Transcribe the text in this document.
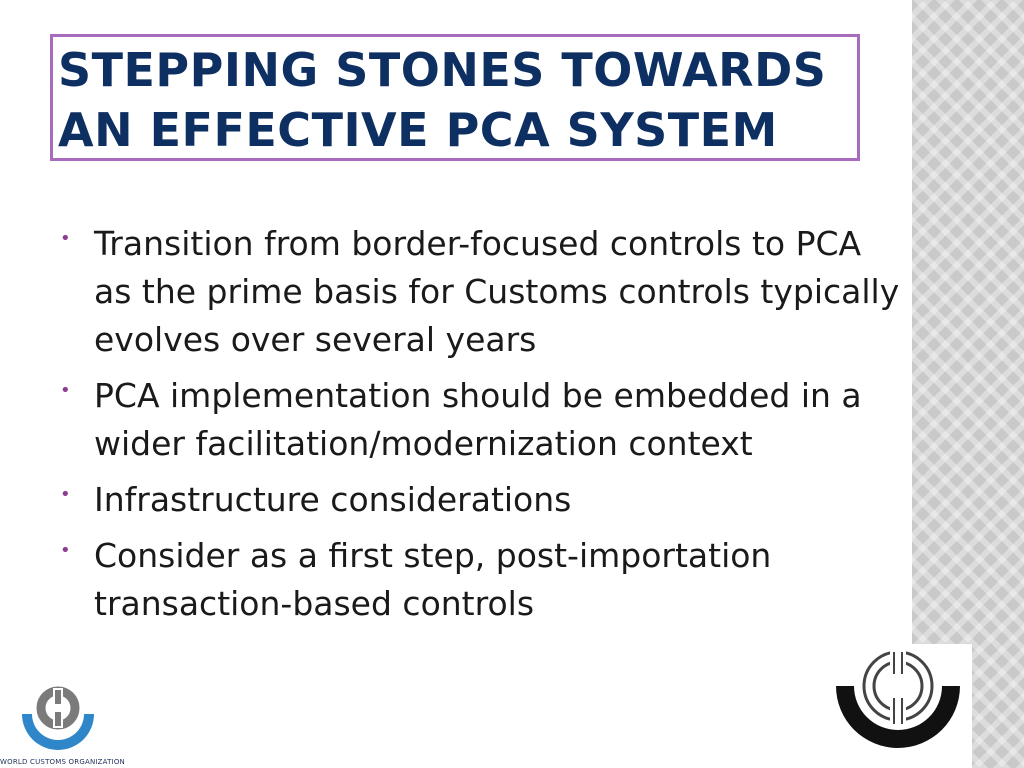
STEPPING STONES TOWARDS AN EFFECTIVE PCA SYSTEM
• Transition from border-focused controls to PCA as the prime basis for Customs controls typically evolves over several years
• PCA implementation should be embedded in a wider facilitation/modernization context
• Infrastructure considerations
• Consider as a first step, post-importation transaction-based controls
WORLD CUSTOMS ORGANIZATION
